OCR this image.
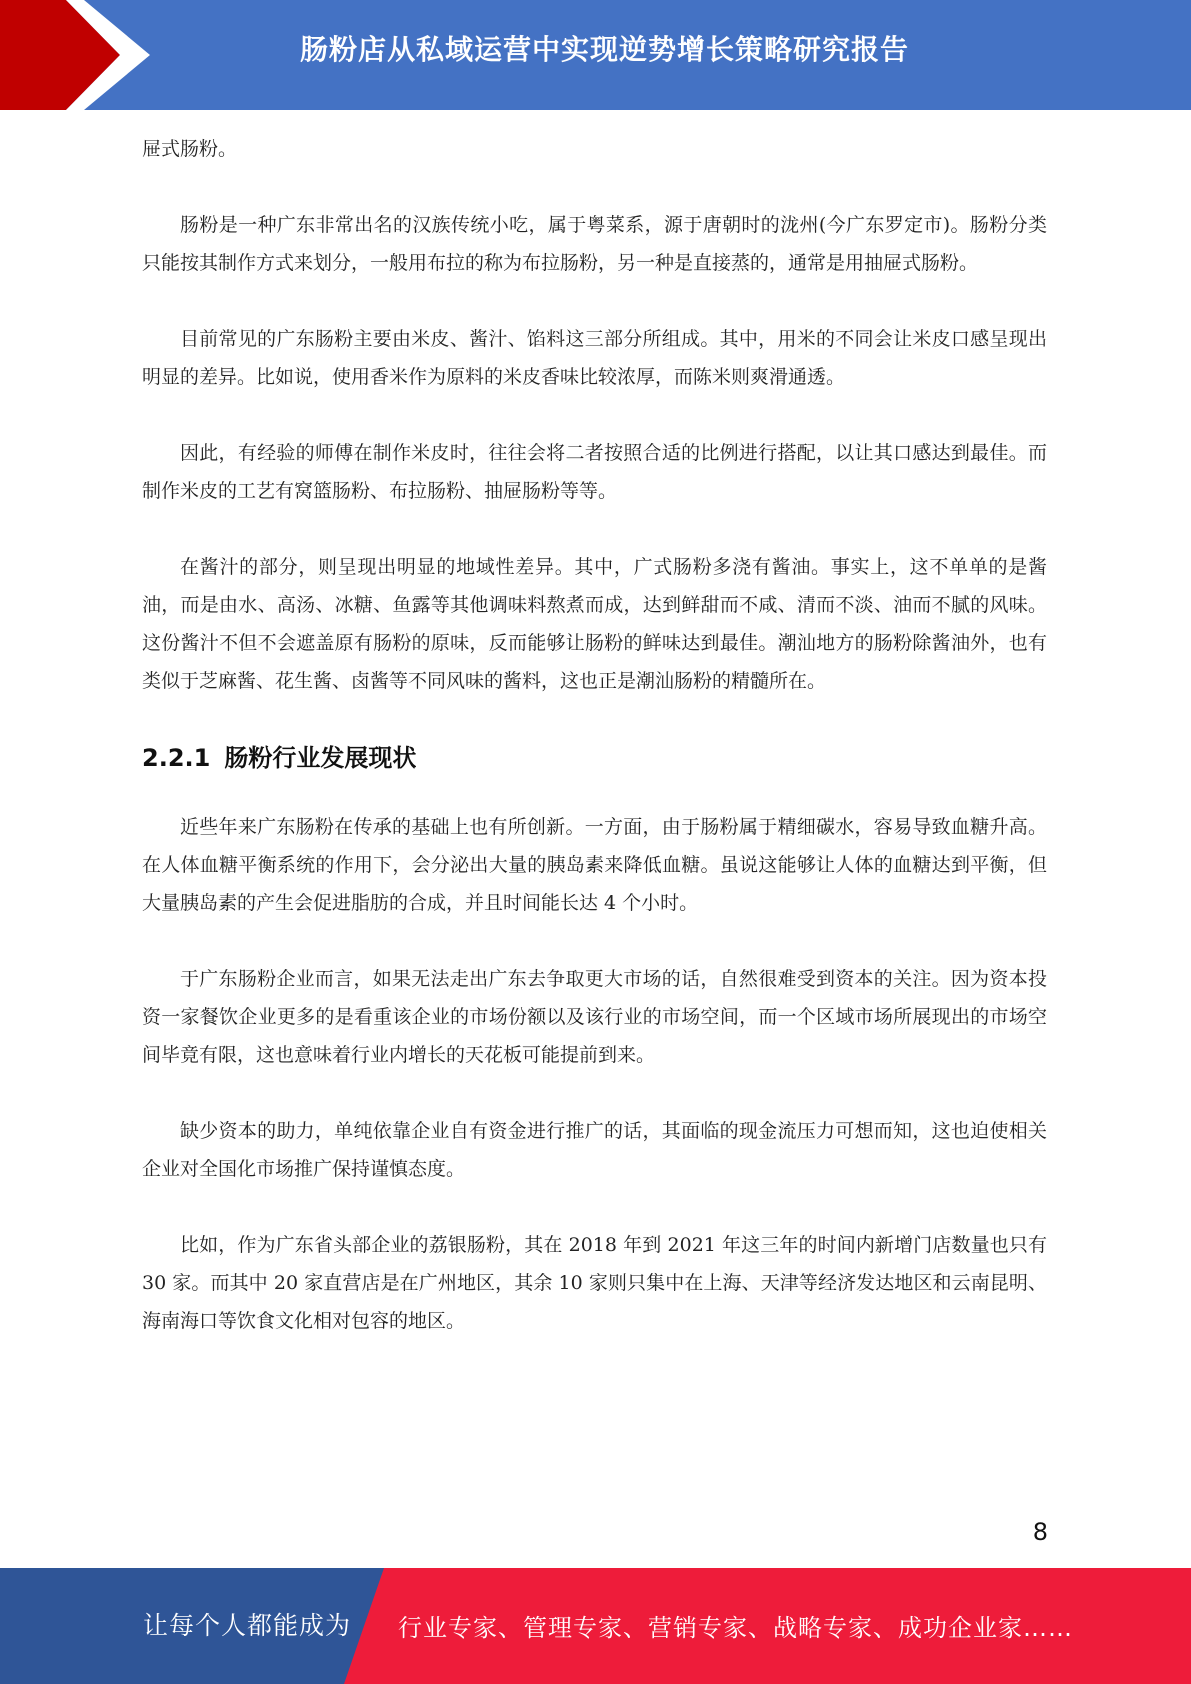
肠粉店从私域运营中实现逆势增长策略研究报告

屉式肠粉。

肠粉是一种广东非常出名的汉族传统小吃，属于粤菜系，源于唐朝时的泷州(今广东罗定市)。肠粉分类只能按其制作方式来划分，一般用布拉的称为布拉肠粉，另一种是直接蒸的，通常是用抽屉式肠粉。

目前常见的广东肠粉主要由米皮、酱汁、馅料这三部分所组成。其中，用米的不同会让米皮口感呈现出明显的差异。比如说，使用香米作为原料的米皮香味比较浓厚，而陈米则爽滑通透。

因此，有经验的师傅在制作米皮时，往往会将二者按照合适的比例进行搭配，以让其口感达到最佳。而制作米皮的工艺有窝篮肠粉、布拉肠粉、抽屉肠粉等等。

在酱汁的部分，则呈现出明显的地域性差异。其中，广式肠粉多浇有酱油。事实上，这不单单的是酱油，而是由水、高汤、冰糖、鱼露等其他调味料熬煮而成，达到鲜甜而不咸、清而不淡、油而不腻的风味。这份酱汁不但不会遮盖原有肠粉的原味，反而能够让肠粉的鲜味达到最佳。潮汕地方的肠粉除酱油外，也有类似于芝麻酱、花生酱、卤酱等不同风味的酱料，这也正是潮汕肠粉的精髓所在。

2.2.1 肠粉行业发展现状

近些年来广东肠粉在传承的基础上也有所创新。一方面，由于肠粉属于精细碳水，容易导致血糖升高。在人体血糖平衡系统的作用下，会分泌出大量的胰岛素来降低血糖。虽说这能够让人体的血糖达到平衡，但大量胰岛素的产生会促进脂肪的合成，并且时间能长达 4 个小时。

于广东肠粉企业而言，如果无法走出广东去争取更大市场的话，自然很难受到资本的关注。因为资本投资一家餐饮企业更多的是看重该企业的市场份额以及该行业的市场空间，而一个区域市场所展现出的市场空间毕竟有限，这也意味着行业内增长的天花板可能提前到来。

缺少资本的助力，单纯依靠企业自有资金进行推广的话，其面临的现金流压力可想而知，这也迫使相关企业对全国化市场推广保持谨慎态度。

比如，作为广东省头部企业的荔银肠粉，其在 2018 年到 2021 年这三年的时间内新增门店数量也只有 30 家。而其中 20 家直营店是在广州地区，其余 10 家则只集中在上海、天津等经济发达地区和云南昆明、海南海口等饮食文化相对包容的地区。

8
让每个人都能成为 行业专家、管理专家、营销专家、战略专家、成功企业家……
